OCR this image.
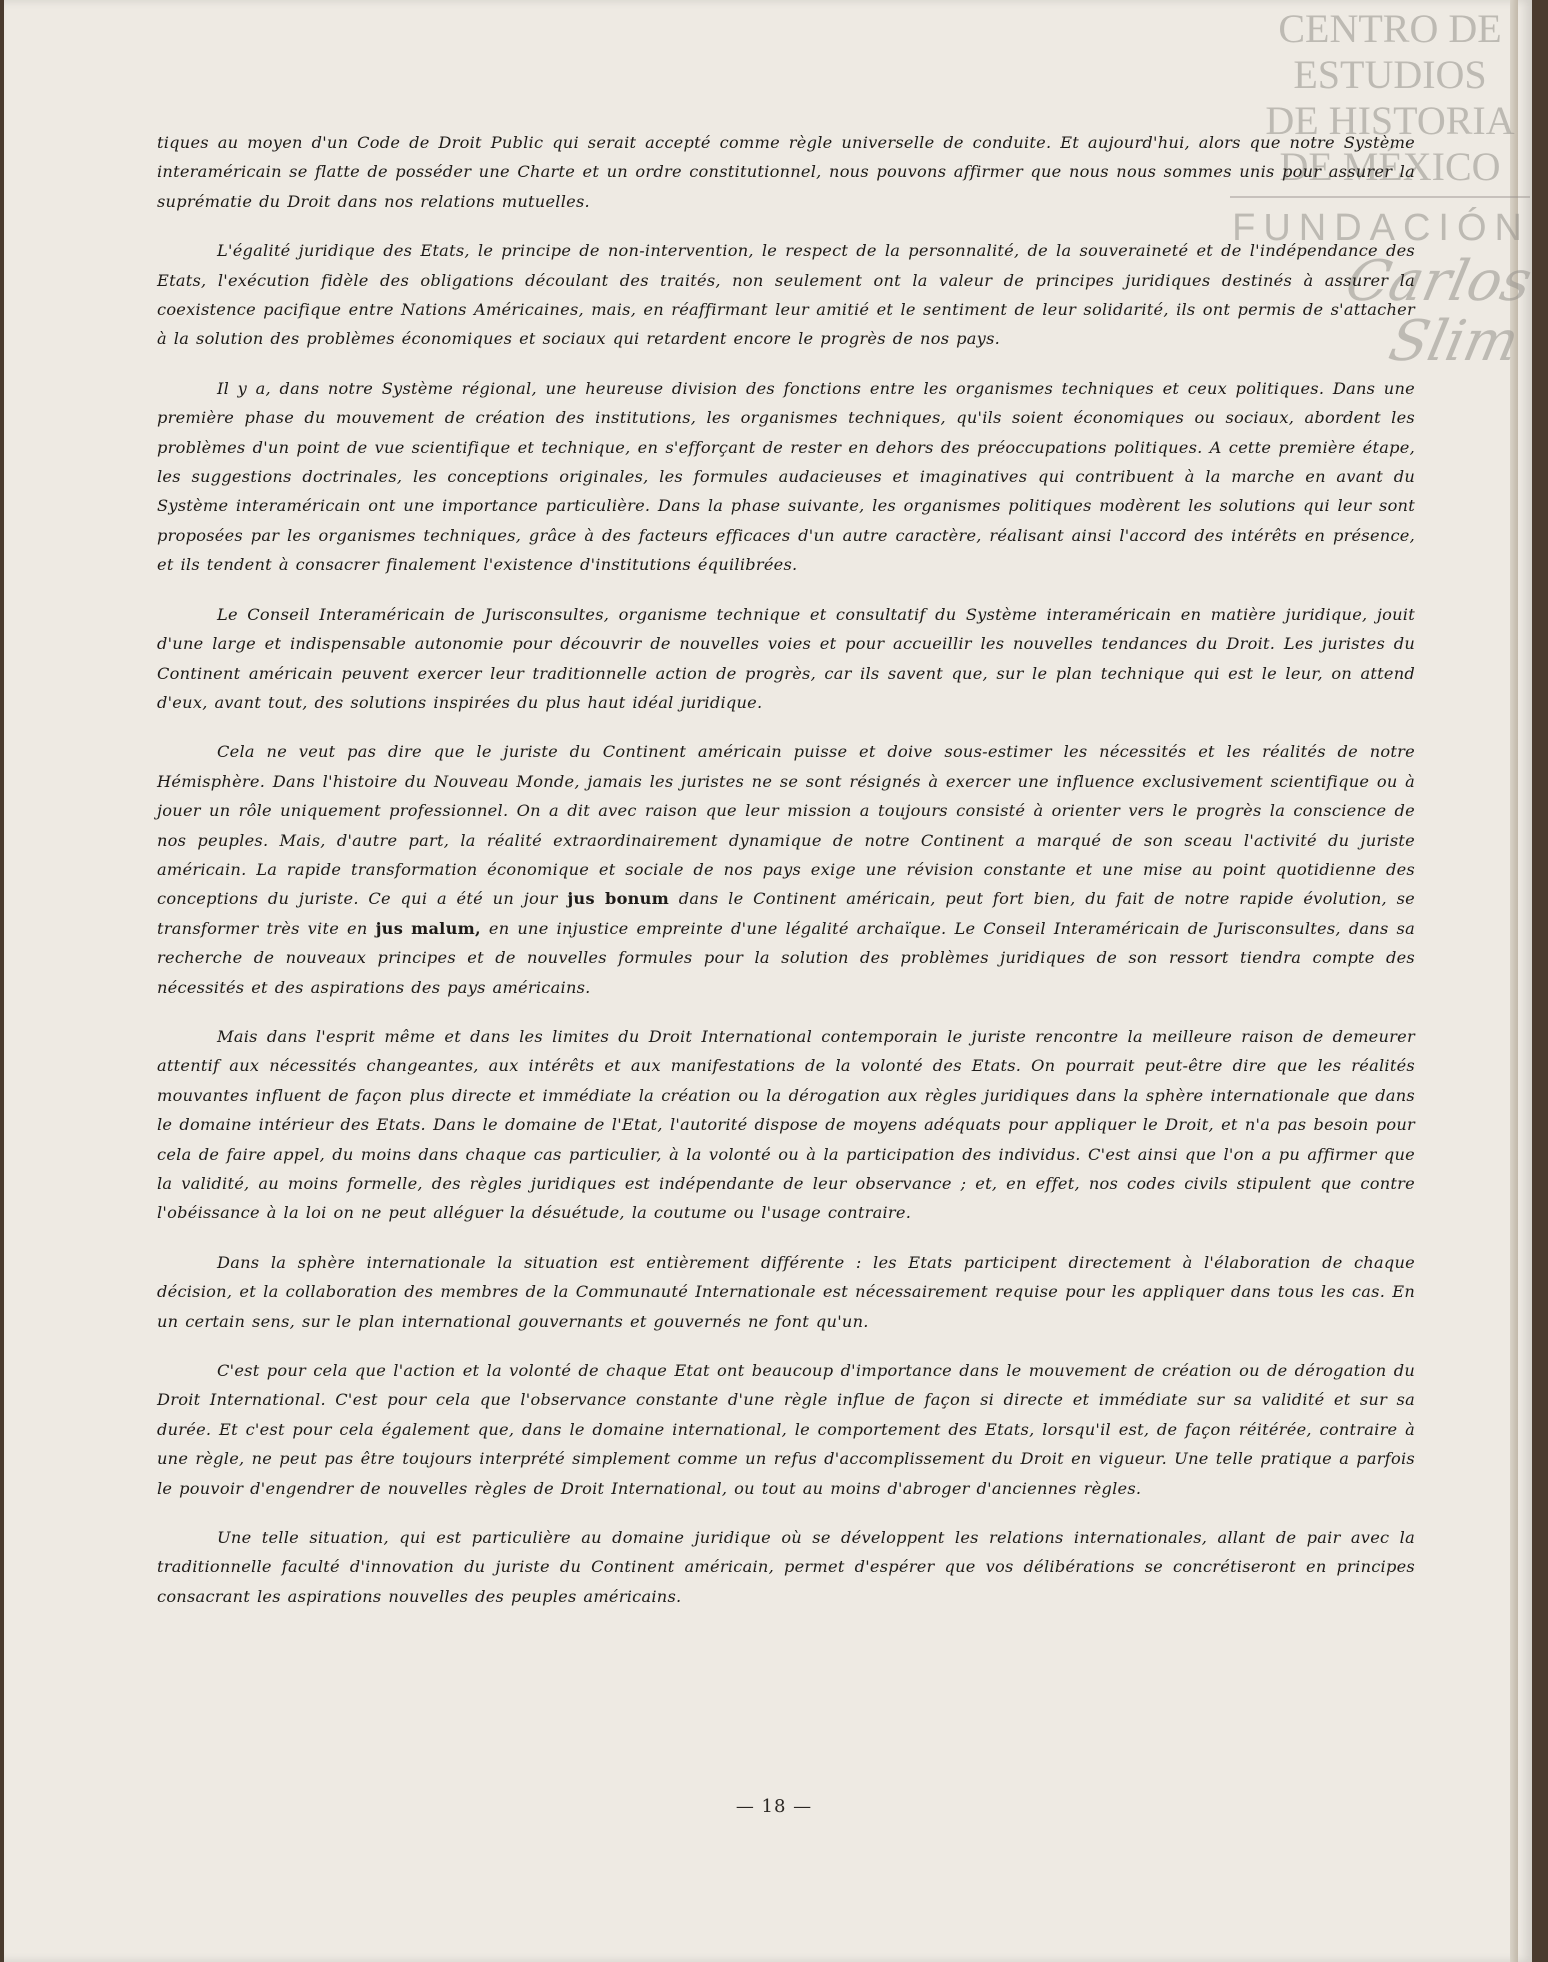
CENTRO DE
ESTUDIOS
DE HISTORIA
DE MÉXICO
FUNDACIÓN
Carlos Slim

tiques au moyen d'un Code de Droit Public qui serait accepté comme règle universelle de conduite. Et aujourd'hui, alors que notre Système interaméricain se flatte de posséder une Charte et un ordre constitutionnel, nous pouvons affirmer que nous nous sommes unis pour assurer la suprématie du Droit dans nos relations mutuelles.

L'égalité juridique des Etats, le principe de non-intervention, le respect de la personnalité, de la souveraineté et de l'indépendance des Etats, l'exécution fidèle des obligations découlant des traités, non seulement ont la valeur de principes juridiques destinés à assurer la coexistence pacifique entre Nations Américaines, mais, en réaffirmant leur amitié et le sentiment de leur solidarité, ils ont permis de s'attacher à la solution des problèmes économiques et sociaux qui retardent encore le progrès de nos pays.

Il y a, dans notre Système régional, une heureuse division des fonctions entre les organismes techniques et ceux politiques. Dans une première phase du mouvement de création des institutions, les organismes techniques, qu'ils soient économiques ou sociaux, abordent les problèmes d'un point de vue scientifique et technique, en s'efforçant de rester en dehors des préoccupations politiques. A cette première étape, les suggestions doctrinales, les conceptions originales, les formules audacieuses et imaginatives qui contribuent à la marche en avant du Système interaméricain ont une importance particulière. Dans la phase suivante, les organismes politiques modèrent les solutions qui leur sont proposées par les organismes techniques, grâce à des facteurs efficaces d'un autre caractère, réalisant ainsi l'accord des intérêts en présence, et ils tendent à consacrer finalement l'existence d'institutions équilibrées.

Le Conseil Interaméricain de Jurisconsultes, organisme technique et consultatif du Système interaméricain en matière juridique, jouit d'une large et indispensable autonomie pour découvrir de nouvelles voies et pour accueillir les nouvelles tendances du Droit. Les juristes du Continent américain peuvent exercer leur traditionnelle action de progrès, car ils savent que, sur le plan technique qui est le leur, on attend d'eux, avant tout, des solutions inspirées du plus haut idéal juridique.

Cela ne veut pas dire que le juriste du Continent américain puisse et doive sous-estimer les nécessités et les réalités de notre Hémisphère. Dans l'histoire du Nouveau Monde, jamais les juristes ne se sont résignés à exercer une influence exclusivement scientifique ou à jouer un rôle uniquement professionnel. On a dit avec raison que leur mission a toujours consisté à orienter vers le progrès la conscience de nos peuples. Mais, d'autre part, la réalité extraordinairement dynamique de notre Continent a marqué de son sceau l'activité du juriste américain. La rapide transformation économique et sociale de nos pays exige une révision constante et une mise au point quotidienne des conceptions du juriste. Ce qui a été un jour jus bonum dans le Continent américain, peut fort bien, du fait de notre rapide évolution, se transformer très vite en jus malum, en une injustice empreinte d'une légalité archaïque. Le Conseil Interaméricain de Jurisconsultes, dans sa recherche de nouveaux principes et de nouvelles formules pour la solution des problèmes juridiques de son ressort tiendra compte des nécessités et des aspirations des pays américains.

Mais dans l'esprit même et dans les limites du Droit International contemporain le juriste rencontre la meilleure raison de demeurer attentif aux nécessités changeantes, aux intérêts et aux manifestations de la volonté des Etats. On pourrait peut-être dire que les réalités mouvantes influent de façon plus directe et immédiate la création ou la dérogation aux règles juridiques dans la sphère internationale que dans le domaine intérieur des Etats. Dans le domaine de l'Etat, l'autorité dispose de moyens adéquats pour appliquer le Droit, et n'a pas besoin pour cela de faire appel, du moins dans chaque cas particulier, à la volonté ou à la participation des individus. C'est ainsi que l'on a pu affirmer que la validité, au moins formelle, des règles juridiques est indépendante de leur observance ; et, en effet, nos codes civils stipulent que contre l'obéissance à la loi on ne peut alléguer la désuétude, la coutume ou l'usage contraire.

Dans la sphère internationale la situation est entièrement différente : les Etats participent directement à l'élaboration de chaque décision, et la collaboration des membres de la Communauté Internationale est nécessairement requise pour les appliquer dans tous les cas. En un certain sens, sur le plan international gouvernants et gouvernés ne font qu'un.

C'est pour cela que l'action et la volonté de chaque Etat ont beaucoup d'importance dans le mouvement de création ou de dérogation du Droit International. C'est pour cela que l'observance constante d'une règle influe de façon si directe et immédiate sur sa validité et sur sa durée. Et c'est pour cela également que, dans le domaine international, le comportement des Etats, lorsqu'il est, de façon réitérée, contraire à une règle, ne peut pas être toujours interprété simplement comme un refus d'accomplissement du Droit en vigueur. Une telle pratique a parfois le pouvoir d'engendrer de nouvelles règles de Droit International, ou tout au moins d'abroger d'anciennes règles.

Une telle situation, qui est particulière au domaine juridique où se développent les relations internationales, allant de pair avec la traditionnelle faculté d'innovation du juriste du Continent américain, permet d'espérer que vos délibérations se concrétiseront en principes consacrant les aspirations nouvelles des peuples américains.

— 18 —
